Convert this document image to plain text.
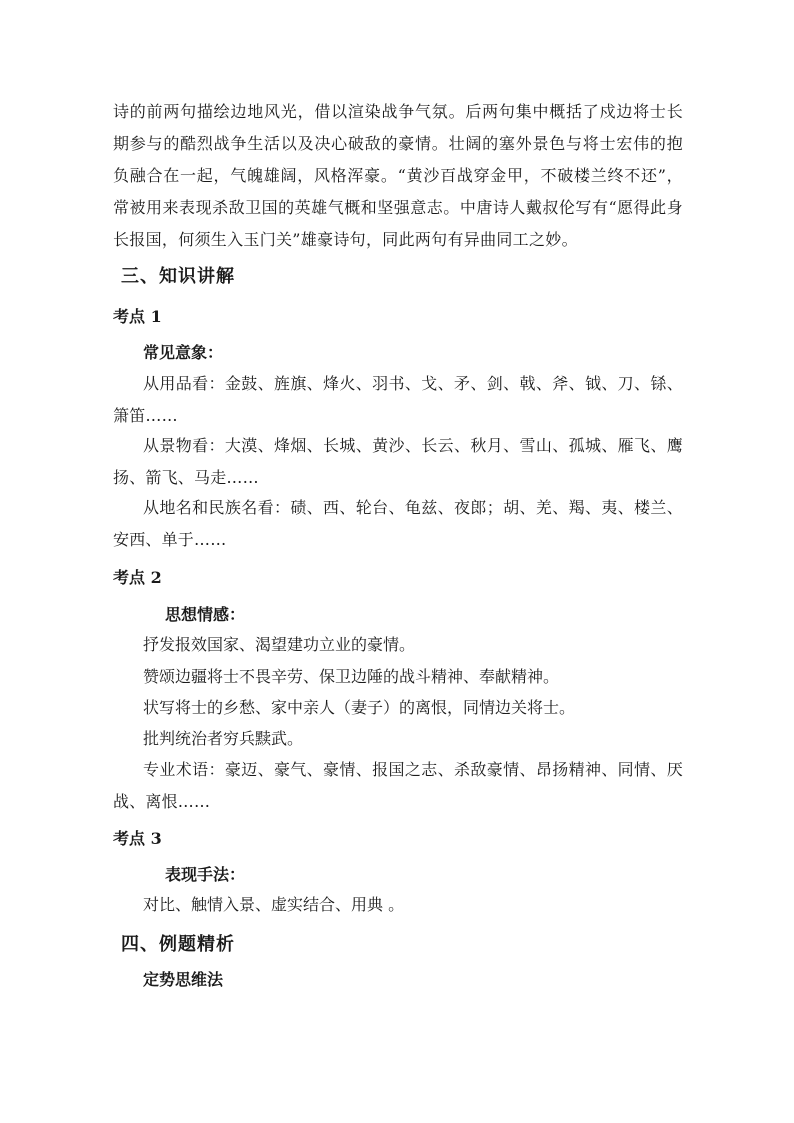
诗的前两句描绘边地风光，借以渲染战争气氛。后两句集中概括了戍边将士长期参与的酷烈战争生活以及决心破敌的豪情。壮阔的塞外景色与将士宏伟的抱负融合在一起，气魄雄阔，风格浑豪。“黄沙百战穿金甲，不破楼兰终不还”，常被用来表现杀敌卫国的英雄气概和坚强意志。中唐诗人戴叔伦写有“愿得此身长报国，何须生入玉门关”雄豪诗句，同此两句有异曲同工之妙。

三、知识讲解

考点 1

常见意象：

从用品看：金鼓、旌旗、烽火、羽书、戈、矛、剑、戟、斧、钺、刀、铩、箫笛……

从景物看：大漠、烽烟、长城、黄沙、长云、秋月、雪山、孤城、雁飞、鹰扬、箭飞、马走……

从地名和民族名看：碛、西、轮台、龟兹、夜郎；胡、羌、羯、夷、楼兰、安西、单于……

考点 2

思想情感：

抒发报效国家、渴望建功立业的豪情。

赞颂边疆将士不畏辛劳、保卫边陲的战斗精神、奉献精神。

状写将士的乡愁、家中亲人（妻子）的离恨，同情边关将士。

批判统治者穷兵黩武。

专业术语：豪迈、豪气、豪情、报国之志、杀敌豪情、昂扬精神、同情、厌战、离恨……

考点 3

表现手法：

对比、触情入景、虚实结合、用典 。

四、例题精析

定势思维法
